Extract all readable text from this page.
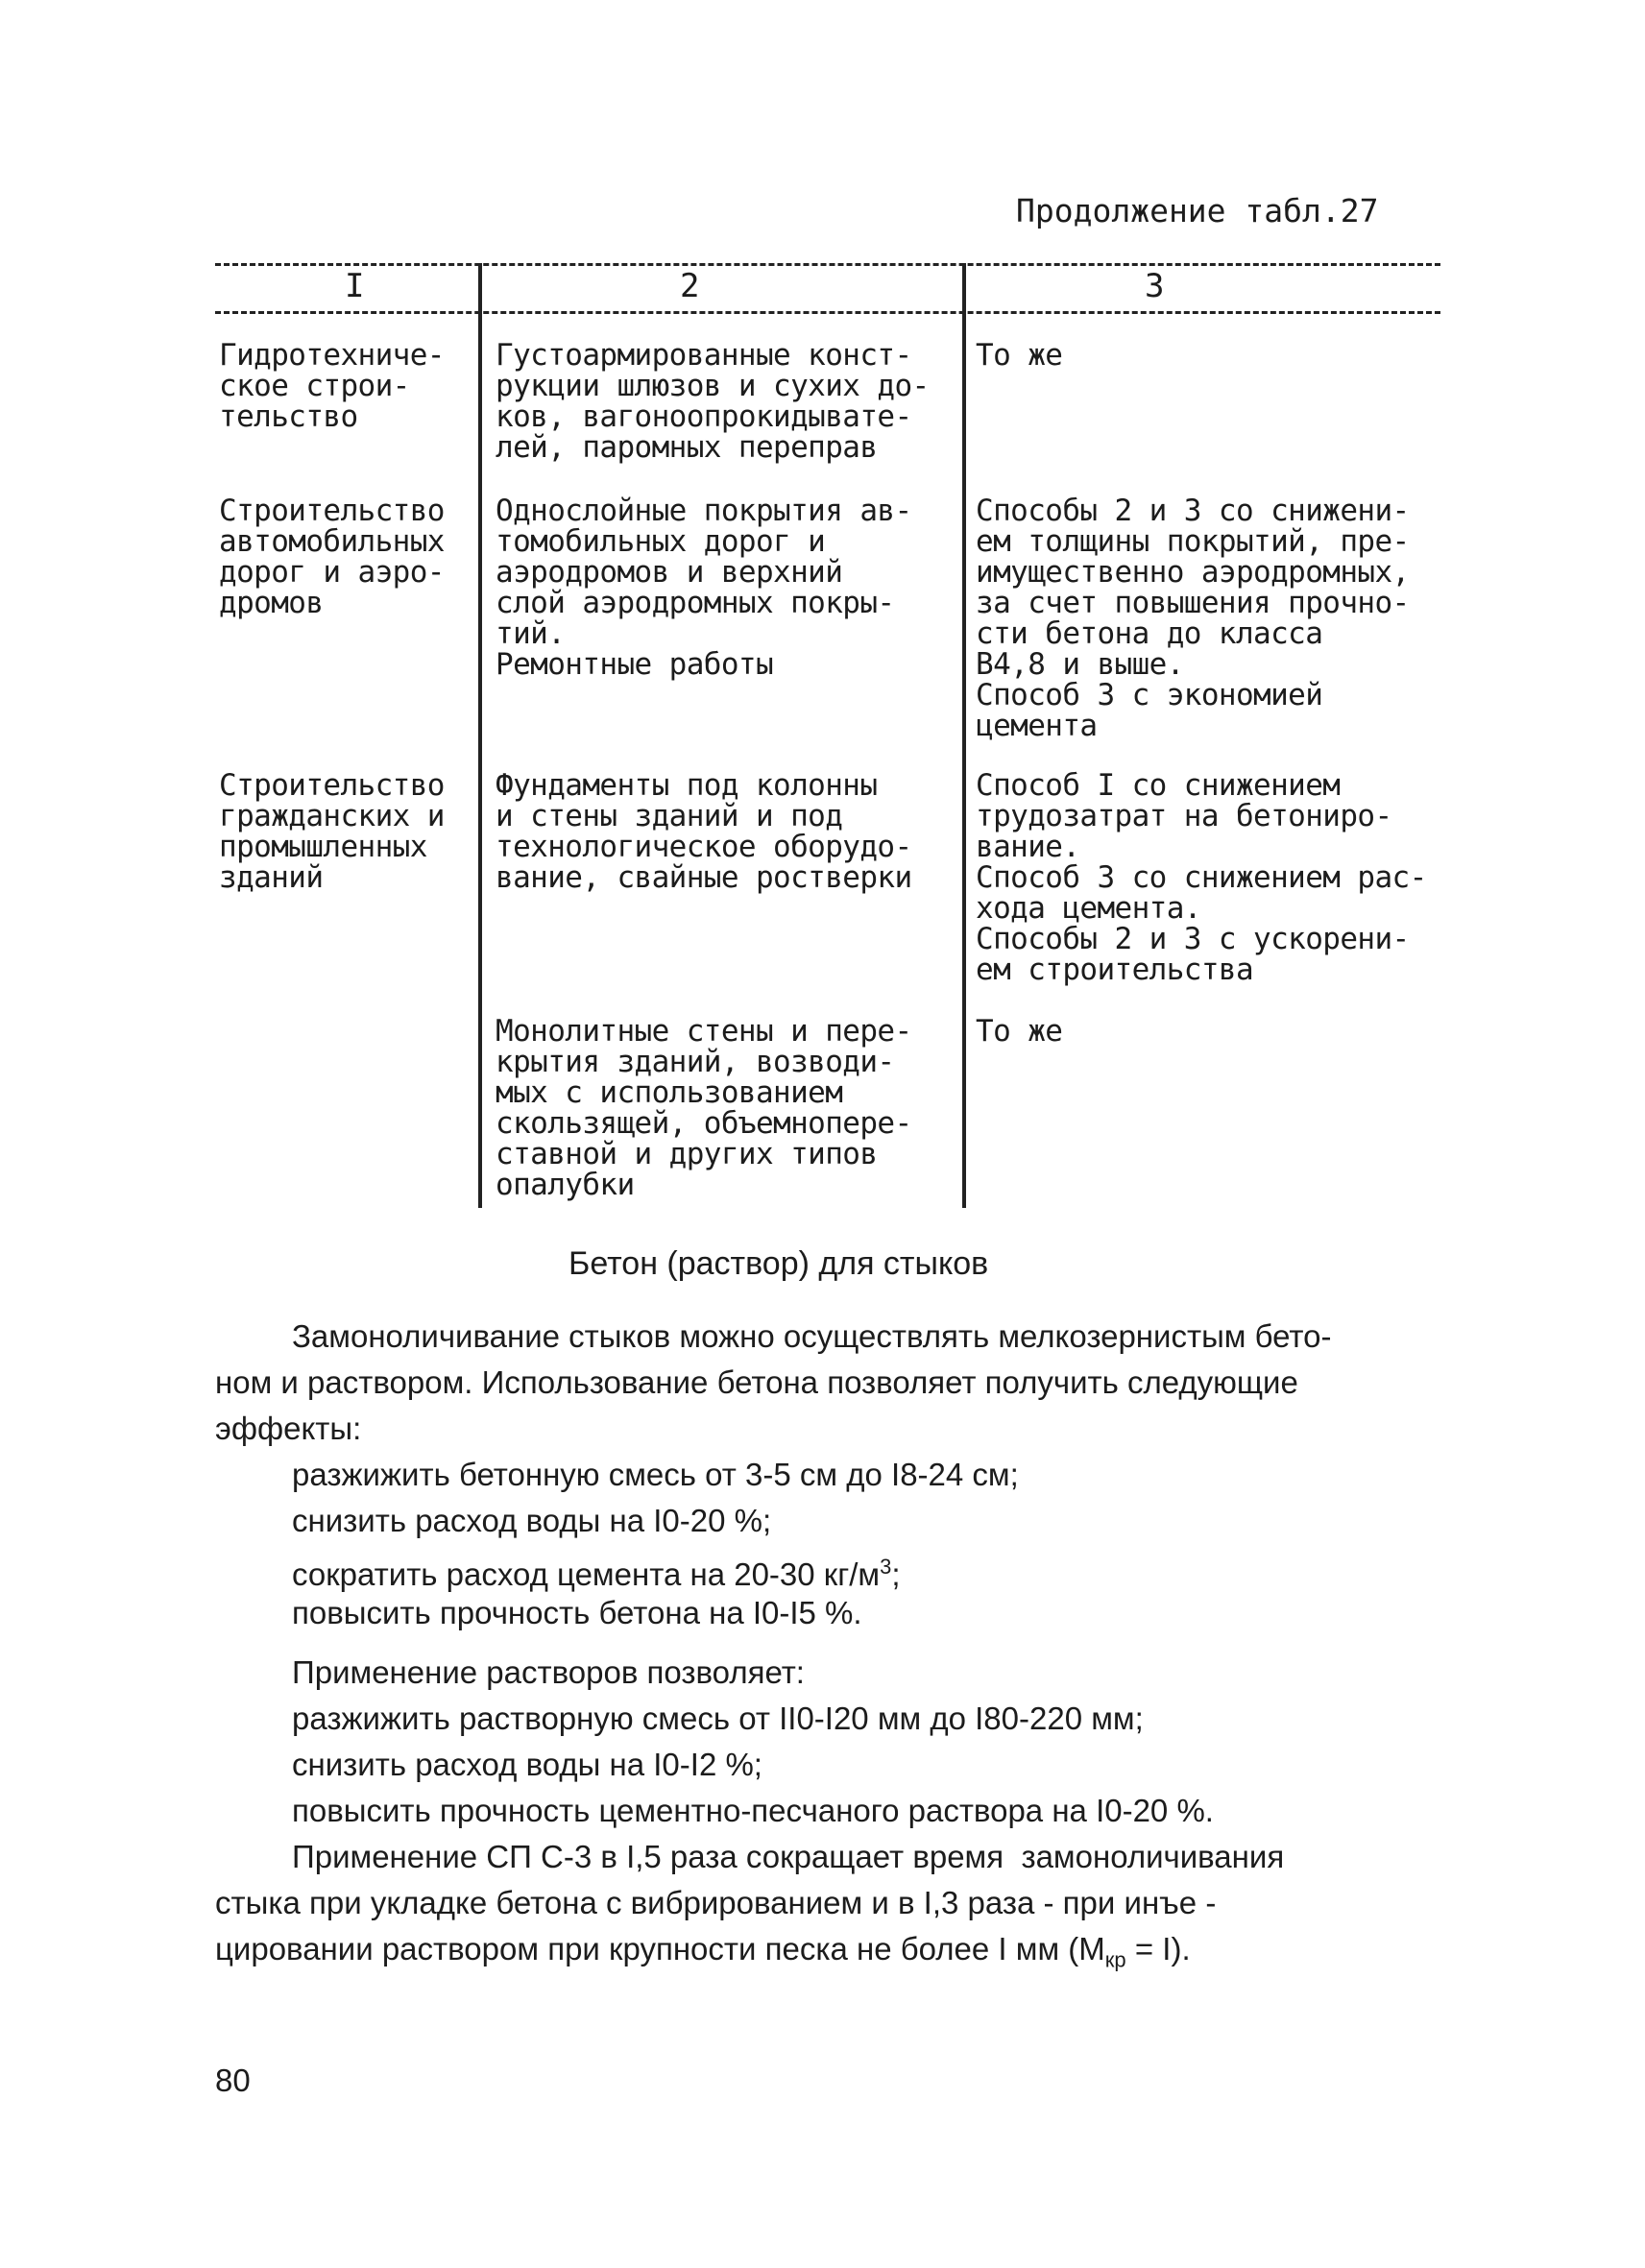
Продолжение табл.27
I	2	3
Гидротехниче-
ское строи-
тельство
Густоармированные конст-
рукции шлюзов и сухих до-
ков, вагоноопрокидывате-
лей, паромных переправ
То же
Строительство
автомобильных
дорог и аэро-
дромов
Однослойные покрытия ав-
томобильных дорог и
аэродромов и верхний
слой аэродромных покры-
тий.
Ремонтные работы
Способы 2 и 3 со снижени-
ем толщины покрытий, пре-
имущественно аэродромных,
за счет повышения прочно-
сти бетона до класса
В4,8 и выше.
Способ 3 с экономией
цемента
Строительство
гражданских и
промышленных
зданий
Фундаменты под колонны
и стены зданий и под
технологическое оборудо-
вание, свайные ростверки
Способ I со снижением
трудозатрат на бетониро-
вание.
Способ 3 со снижением рас-
хода цемента.
Способы 2 и 3 с ускорени-
ем строительства
Монолитные стены и пере-
крытия зданий, возводи-
мых с использованием
скользящей, объемнопере-
ставной и других типов
опалубки
То же
Бетон (раствор) для стыков
Замоноличивание стыков можно осуществлять мелкозернистым бето-
ном и раствором. Использование бетона позволяет получить следующие
эффекты:
разжижить бетонную смесь от 3-5 см до I8-24 см;
снизить расход воды на I0-20 %;
сократить расход цемента на 20-30 $кг/м^3$;
повысить прочность бетона на I0-I5 %.
Применение растворов позволяет:
разжижить растворную смесь от II0-I20 мм до I80-220 мм;
снизить расход воды на I0-I2 %;
повысить прочность цементно-песчаного раствора на I0-20 %.
Применение СП С-3 в I,5 раза сокращает время  замоноличивания
стыка при укладке бетона с вибрированием и в I,3 раза - при инъе -
цировании раствором при крупности песка не более I мм $(М_{кр} = I)$.
80
